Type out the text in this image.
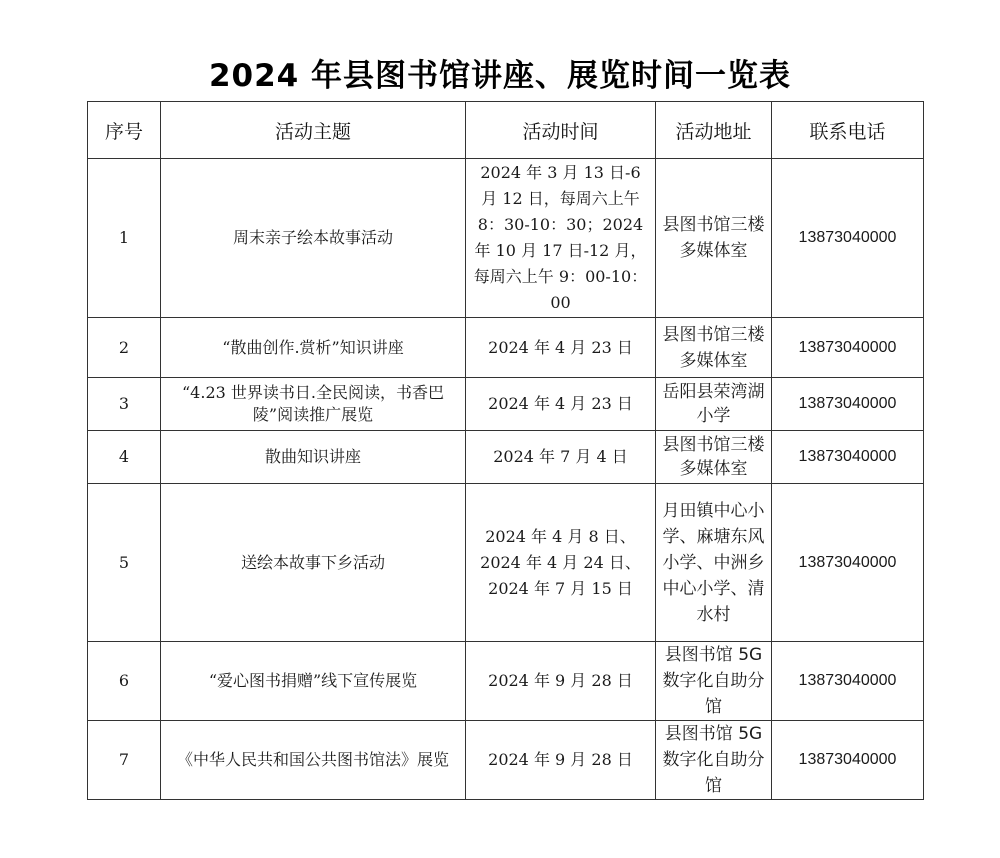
2024 年县图书馆讲座、展览时间一览表
序号	活动主题	活动时间	活动地址	联系电话
1	周末亲子绘本故事活动	2024 年 3 月 13 日-6 月 12 日，每周六上午 8：30-10：30；2024 年 10 月 17 日-12 月，每周六上午 9：00-10：00	县图书馆三楼多媒体室	13873040000
2	“散曲创作.赏析”知识讲座	2024 年 4 月 23 日	县图书馆三楼多媒体室	13873040000
3	“4.23 世界读书日.全民阅读，书香巴陵”阅读推广展览	2024 年 4 月 23 日	岳阳县荣湾湖小学	13873040000
4	散曲知识讲座	2024 年 7 月 4 日	县图书馆三楼多媒体室	13873040000
5	送绘本故事下乡活动	2024 年 4 月 8 日、2024 年 4 月 24 日、2024 年 7 月 15 日	月田镇中心小学、麻塘东风小学、中洲乡中心小学、清水村	13873040000
6	“爱心图书捐赠”线下宣传展览	2024 年 9 月 28 日	县图书馆 5G 数字化自助分馆	13873040000
7	《中华人民共和国公共图书馆法》展览	2024 年 9 月 28 日	县图书馆 5G 数字化自助分馆	13873040000
